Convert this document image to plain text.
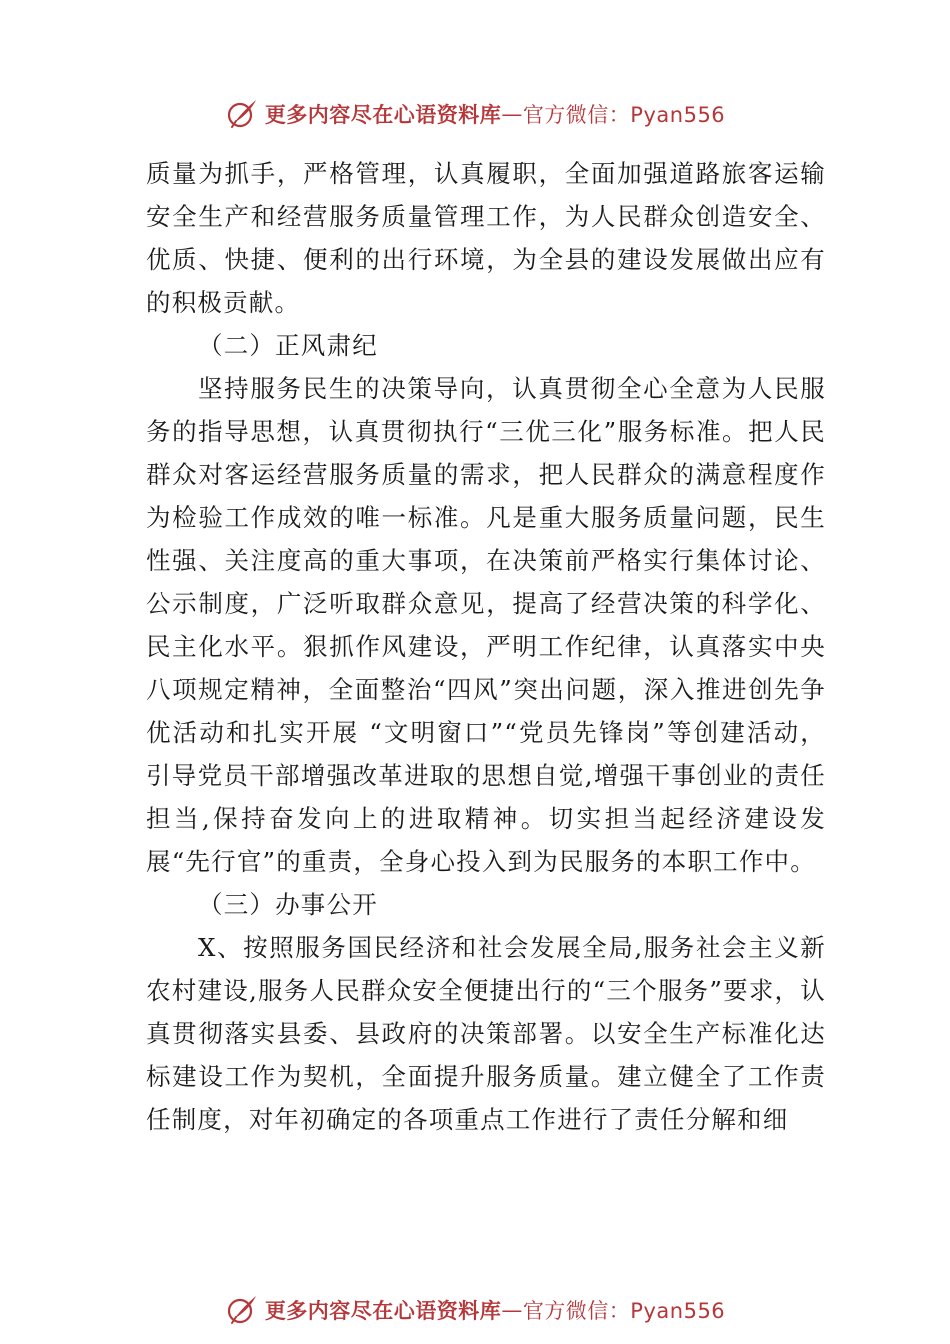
更多内容尽在心语资料库 — 官方微信：Pyan556

质量为抓手，严格管理，认真履职，全面加强道路旅客运输安全生产和经营服务质量管理工作，为人民群众创造安全、 优质、快捷、便利的出行环境，为全县的建设发展做出应有的积极贡献。

（二）正风肃纪

坚持服务民生的决策导向，认真贯彻全心全意为人民服务的指导思想，认真贯彻执行“三优三化”服务标准。把人民群众对客运经营服务质量的需求，把人民群众的满意程度作为检验工作成效的唯一标准。凡是重大服务质量问题，民生性强、关注度高的重大事项，在决策前严格实行集体讨论、公示制度，广泛听取群众意见，提高了经营决策的科学化、 民主化水平。狠抓作风建设，严明工作纪律，认真落实中央八项规定精神，全面整治“四风”突出问题，深入推进创先争优活动和扎实开展 “文明窗口”“党员先锋岗”等创建活动，引导党员干部增强改革进取的思想自觉,增强干事创业的责任担当,保持奋发向上的进取精神。切实担当起经济建设发展“先行官”的重责，全身心投入到为民服务的本职工作中。

（三）办事公开

X、按照服务国民经济和社会发展全局,服务社会主义新农村建设,服务人民群众安全便捷出行的“三个服务”要求，认真贯彻落实县委、县政府的决策部署。以安全生产标准化达标建设工作为契机，全面提升服务质量。建立健全了工作责任制度，对年初确定的各项重点工作进行了责任分解和细

更多内容尽在心语资料库 — 官方微信：Pyan556
